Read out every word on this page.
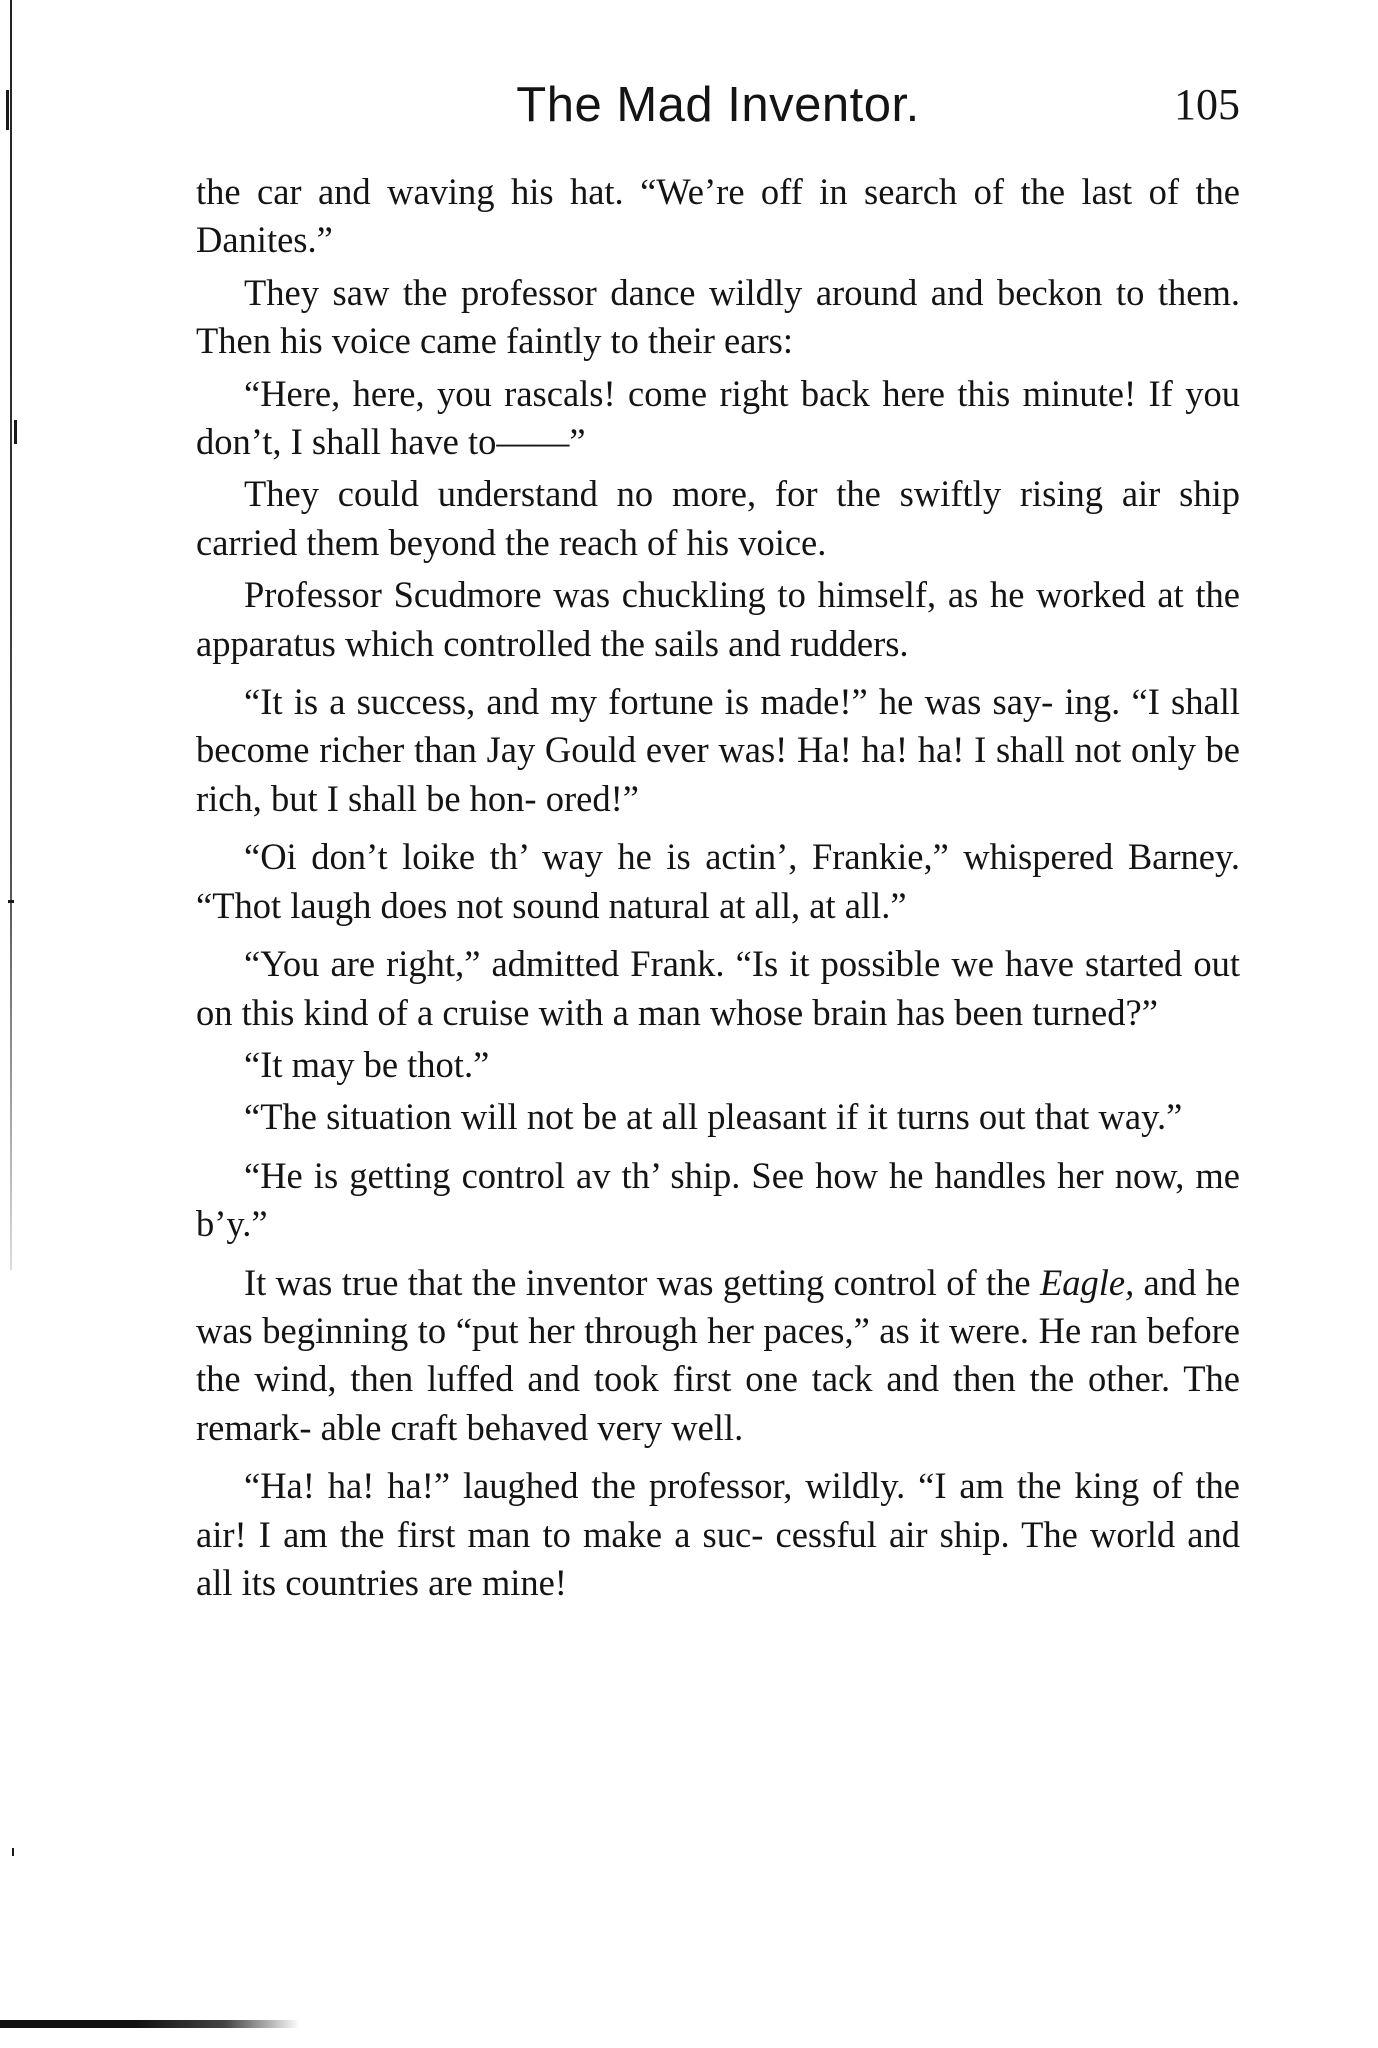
The Mad Inventor.	105

the car and waving his hat. “We’re off in search of the last of the Danites.”

They saw the professor dance wildly around and beckon to them. Then his voice came faintly to their ears:

“Here, here, you rascals! come right back here this minute! If you don’t, I shall have to——”

They could understand no more, for the swiftly rising air ship carried them beyond the reach of his voice.

Professor Scudmore was chuckling to himself, as he worked at the apparatus which controlled the sails and rudders.

“It is a success, and my fortune is made!” he was say- ing. “I shall become richer than Jay Gould ever was! Ha! ha! ha! I shall not only be rich, but I shall be hon- ored!”

“Oi don’t loike th’ way he is actin’, Frankie,” whispered Barney. “Thot laugh does not sound natural at all, at all.”

“You are right,” admitted Frank. “Is it possible we have started out on this kind of a cruise with a man whose brain has been turned?”

“It may be thot.”

“The situation will not be at all pleasant if it turns out that way.”

“He is getting control av th’ ship. See how he handles her now, me b’y.”

It was true that the inventor was getting control of the Eagle, and he was beginning to “put her through her paces,” as it were. He ran before the wind, then luffed and took first one tack and then the other. The remark- able craft behaved very well.

“Ha! ha! ha!” laughed the professor, wildly. “I am the king of the air! I am the first man to make a suc- cessful air ship. The world and all its countries are mine!
